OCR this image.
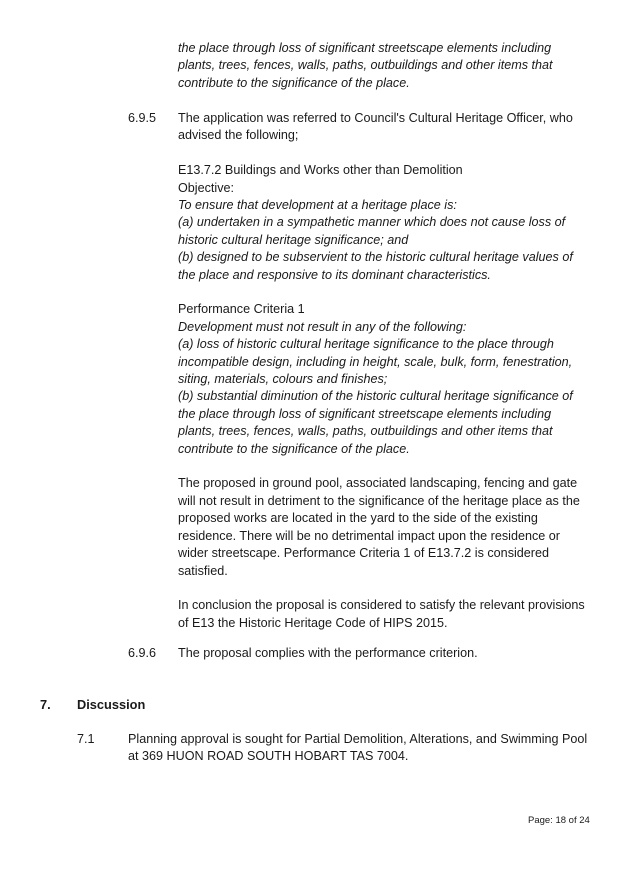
the place through loss of significant streetscape elements including
plants, trees, fences, walls, paths, outbuildings and other items that
contribute to the significance of the place.
6.9.5 The application was referred to Council's Cultural Heritage Officer, who
advised the following;
E13.7.2 Buildings and Works other than Demolition
Objective:
To ensure that development at a heritage place is:
(a) undertaken in a sympathetic manner which does not cause loss of
historic cultural heritage significance; and
(b) designed to be subservient to the historic cultural heritage values of
the place and responsive to its dominant characteristics.
Performance Criteria 1
Development must not result in any of the following:
(a) loss of historic cultural heritage significance to the place through
incompatible design, including in height, scale, bulk, form, fenestration,
siting, materials, colours and finishes;
(b) substantial diminution of the historic cultural heritage significance of
the place through loss of significant streetscape elements including
plants, trees, fences, walls, paths, outbuildings and other items that
contribute to the significance of the place.
The proposed in ground pool, associated landscaping, fencing and gate
will not result in detriment to the significance of the heritage place as the
proposed works are located in the yard to the side of the existing
residence. There will be no detrimental impact upon the residence or
wider streetscape. Performance Criteria 1 of E13.7.2 is considered
satisfied.
In conclusion the proposal is considered to satisfy the relevant provisions
of E13 the Historic Heritage Code of HIPS 2015.
6.9.6 The proposal complies with the performance criterion.
7. Discussion
7.1	Planning approval is sought for Partial Demolition, Alterations, and Swimming Pool
at 369 HUON ROAD SOUTH HOBART TAS 7004.
Page: 18 of 24
